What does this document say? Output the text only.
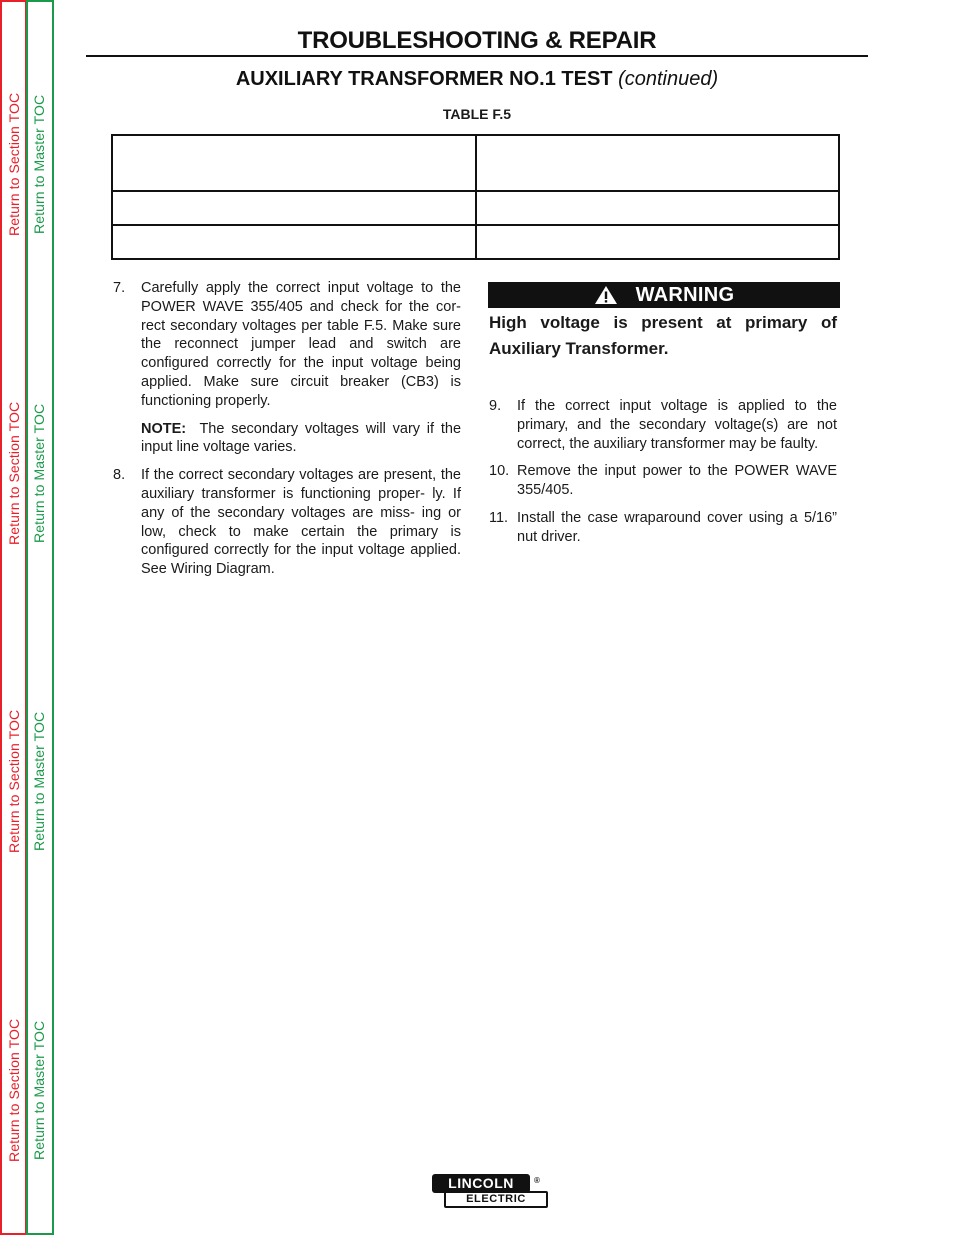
Return to Section TOC
Return to Section TOC
Return to Section TOC
Return to Section TOC
Return to Master TOC
Return to Master TOC
Return to Master TOC
Return to Master TOC
TROUBLESHOOTING & REPAIR
AUXILIARY TRANSFORMER NO.1 TEST (continued)
TABLE F.5

7. Carefully apply the correct input voltage to the POWER WAVE 355/405 and check for the cor- rect secondary voltages per table F.5. Make sure the reconnect jumper lead and switch are configured correctly for the input voltage being applied. Make sure circuit breaker (CB3) is functioning properly.
NOTE: The secondary voltages will vary if the input line voltage varies.
8. If the correct secondary voltages are present, the auxiliary transformer is functioning proper- ly. If any of the secondary voltages are miss- ing or low, check to make certain the primary is configured correctly for the input voltage applied. See Wiring Diagram.
WARNING
High voltage is present at primary of Auxiliary Transformer.
9. If the correct input voltage is applied to the primary, and the secondary voltage(s) are not correct, the auxiliary transformer may be faulty.
10. Remove the input power to the POWER WAVE 355/405.
11. Install the case wraparound cover using a 5/16” nut driver.
LINCOLN	®
ELECTRIC
